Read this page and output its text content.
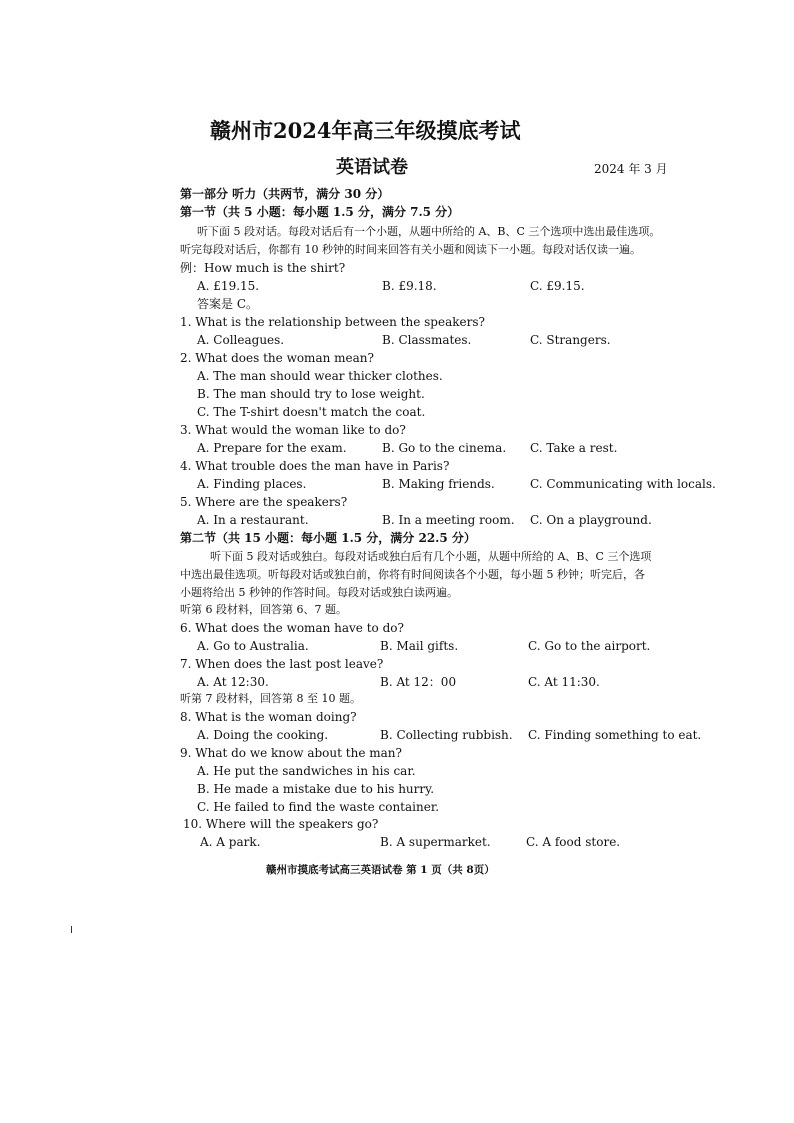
赣州市2024年高三年级摸底考试
英语试卷	2024 年 3 月
第一部分 听力（共两节，满分 30 分）
第一节（共 5 小题：每小题 1.5 分，满分 7.5 分）
听下面 5 段对话。每段对话后有一个小题，从题中所给的 A、B、C 三个选项中选出最佳选项。
听完每段对话后，你都有 10 秒钟的时间来回答有关小题和阅读下一小题。每段对话仅读一遍。
例：How much is the shirt?
A. £19.15.	B. £9.18.	C. £9.15.
答案是 C。
1. What is the relationship between the speakers?
A. Colleagues.	B. Classmates.	C. Strangers.
2. What does the woman mean?
A. The man should wear thicker clothes.
B. The man should try to lose weight.
C. The T-shirt doesn't match the coat.
3. What would the woman like to do?
A. Prepare for the exam.	B. Go to the cinema. C. Take a rest.
4. What trouble does the man have in Paris?
A. Finding places.	B. Making friends.	C. Communicating with locals.
5. Where are the speakers?
A. In a restaurant.	B. In a meeting room. C. On a playground.
第二节（共 15 小题：每小题 1.5 分，满分 22.5 分）
听下面 5 段对话或独白。每段对话或独白后有几个小题，从题中所给的 A、B、C 三个选项
中选出最佳选项。听每段对话或独白前，你将有时间阅读各个小题，每小题 5 秒钟；听完后，各
小题将给出 5 秒钟的作答时间。每段对话或独白读两遍。
听第 6 段材料，回答第 6、7 题。
6. What does the woman have to do?
A. Go to Australia.	B. Mail gifts.	C. Go to the airport.
7. When does the last post leave?
A. At 12:30.	B. At 12：00	C. At 11:30.
听第 7 段材料，回答第 8 至 10 题。
8. What is the woman doing?
A. Doing the cooking.	B. Collecting rubbish. C. Finding something to eat.
9. What do we know about the man?
A. He put the sandwiches in his car.
B. He made a mistake due to his hurry.
C. He failed to find the waste container.
10. Where will the speakers go?
A. A park.	B. A supermarket.	C. A food store.
赣州市摸底考试高三英语试卷 第 1 页（共 8页）
